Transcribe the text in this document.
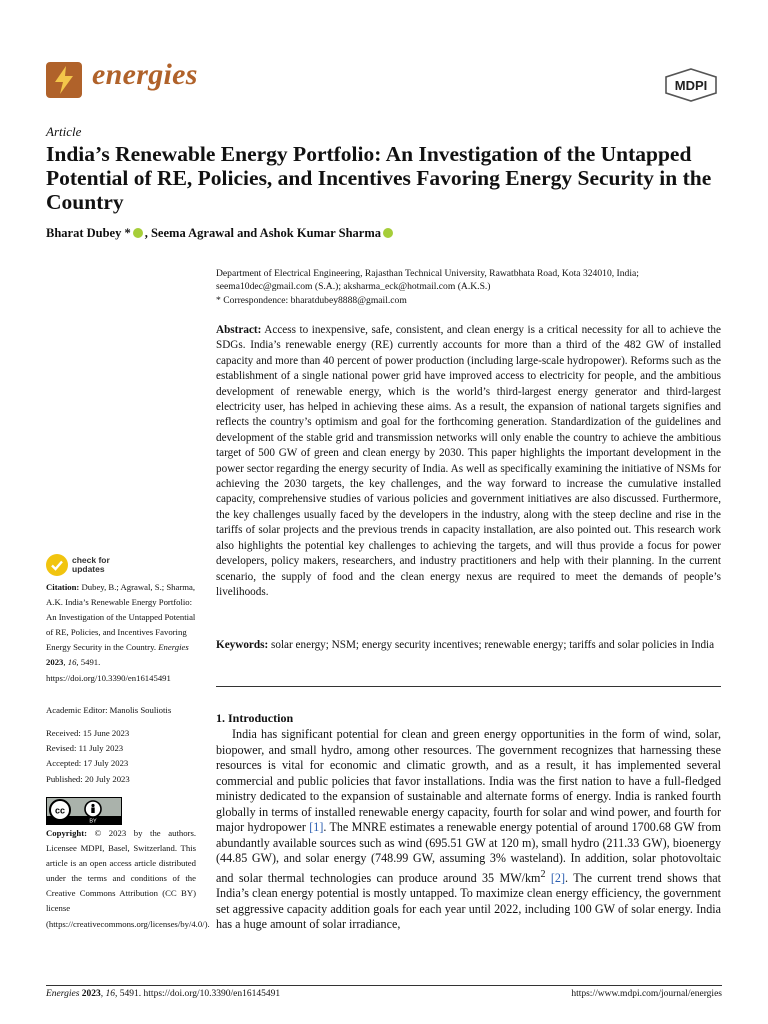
energies	MDPI
Article
India’s Renewable Energy Portfolio: An Investigation of the Untapped Potential of RE, Policies, and Incentives Favoring Energy Security in the Country
Bharat Dubey * , Seema Agrawal and Ashok Kumar Sharma
Department of Electrical Engineering, Rajasthan Technical University, Rawatbhata Road, Kota 324010, India;
seema10dec@gmail.com (S.A.); aksharma_eck@hotmail.com (A.K.S.)
* Correspondence: bharatdubey8888@gmail.com
Abstract: Access to inexpensive, safe, consistent, and clean energy is a critical necessity for all to achieve the SDGs. India’s renewable energy (RE) currently accounts for more than a third of the 482 GW of installed capacity and more than 40 percent of power production (including large-scale hydropower). Reforms such as the establishment of a single national power grid have improved access to electricity for people, and the ambitious development of renewable energy, which is the world’s third-largest energy generator and third-largest electricity user, has helped in achieving these aims. As a result, the expansion of national targets signifies and reflects the country’s optimism and goal for the forthcoming generation. Standardization of the guidelines and development of the stable grid and transmission networks will only enable the country to achieve the ambitious target of 500 GW of green and clean energy by 2030. This paper highlights the important development in the power sector regarding the energy security of India. As well as specifically examining the initiative of NSMs for achieving the 2030 targets, the key challenges, and the way forward to increase the cumulative installed capacity, comprehensive studies of various policies and government initiatives are also discussed. Furthermore, the key challenges usually faced by the developers in the industry, along with the steep decline and rise in the tariffs of solar projects and the previous trends in capacity installation, are also pointed out. This research work also highlights the potential key challenges to achieving the targets, and will thus provide a focus for power developers, policy makers, researchers, and industry practitioners and help with their planning. In the current scenario, the supply of food and the clean energy nexus are required to meet the demands of people’s livelihoods.
Keywords: solar energy; NSM; energy security incentives; renewable energy; tariffs and solar policies in India
1. Introduction

India has significant potential for clean and green energy opportunities in the form of wind, solar, biopower, and small hydro, among other resources. The government recognizes that harnessing these resources is vital for economic and climatic growth, and as a result, it has implemented several commercial and public policies that favor installations. India was the first nation to have a full-fledged ministry dedicated to the expansion of sustainable and alternate forms of energy. India is ranked fourth globally in terms of installed renewable energy capacity, fourth for solar and wind power, and fourth for major hydropower [1]. The MNRE estimates a renewable energy potential of around 1700.68 GW from abundantly available sources such as wind (695.51 GW at 120 m), small hydro (211.33 GW), bioenergy (44.85 GW), and solar energy (748.99 GW, assuming 3% wasteland). In addition, solar photovoltaic and solar thermal technologies can produce around 35 $MW/km^2$ [2]. The current trend shows that India’s clean energy potential is mostly untapped. To maximize clean energy efficiency, the government set aggressive capacity addition goals for each year until 2022, including 100 GW of solar energy. India has a huge amount of solar irradiance,

check for
updates
Citation: Dubey, B.; Agrawal, S.; Sharma, A.K. India’s Renewable Energy Portfolio: An Investigation of the Untapped Potential of RE, Policies, and Incentives Favoring Energy Security in the Country. Energies 2023, 16, 5491.
https://doi.org/10.3390/en16145491
Academic Editor: Manolis Souliotis
Received: 15 June 2023
Revised: 11 July 2023
Accepted: 17 July 2023
Published: 20 July 2023
cc
BY
Copyright: © 2023 by the authors. Licensee MDPI, Basel, Switzerland. This article is an open access article distributed under the terms and conditions of the Creative Commons Attribution (CC BY) license (https://creativecommons.org/licenses/by/4.0/).
Energies 2023, 16, 5491. https://doi.org/10.3390/en16145491	https://www.mdpi.com/journal/energies
